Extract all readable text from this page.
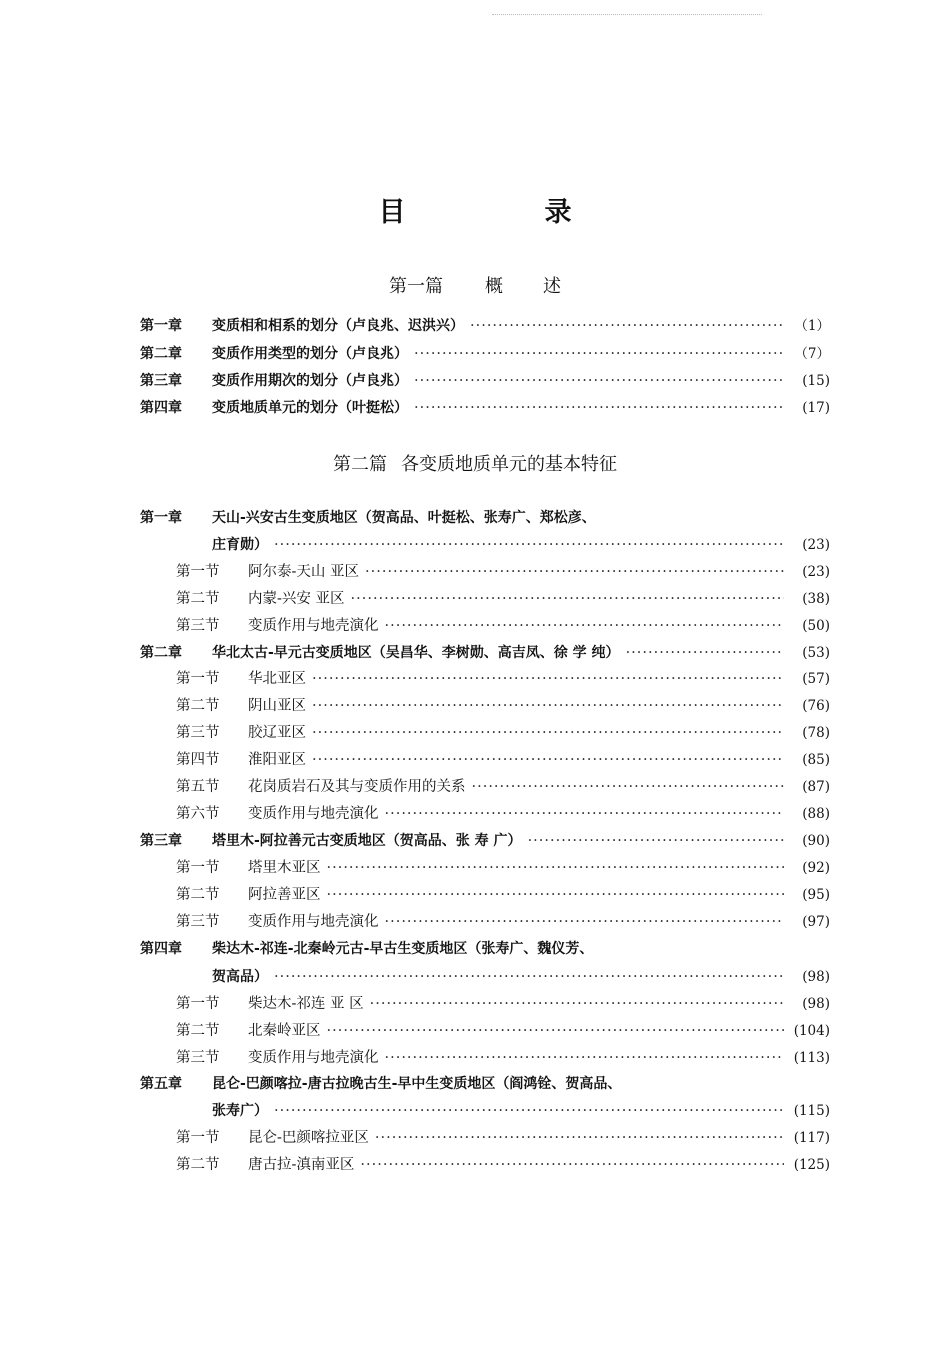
目　录
第一篇 概 述
第二篇 各变质地质单元的基本特征
第一章	变质相和相系的划分（卢良兆、迟洪兴） ·····	（1）
第二章	变质作用类型的划分（卢良兆） ·····	（7）
第三章	变质作用期次的划分（卢良兆） ·····	(15)
第四章	变质地质单元的划分（叶挺松） ·····	(17)
第一章	天山-兴安古生变质地区（贺高品、叶挺松、张寿广、郑松彦、
庄育勋） ·····	(23)
第一节	阿尔泰-天山 亚区 ·····	(23)
第二节	内蒙-兴安 亚区 ·····	(38)
第三节	变质作用与地壳演化 ·····	(50)
第二章	华北太古-早元古变质地区（吴昌华、李树勋、高吉凤、徐 学 纯） ·····	(53)
第一节	华北亚区 ·····	(57)
第二节	阴山亚区 ·····	(76)
第三节	胶辽亚区 ·····	(78)
第四节	淮阳亚区 ·····	(85)
第五节	花岗质岩石及其与变质作用的关系 ·····	(87)
第六节	变质作用与地壳演化 ·····	(88)
第三章	塔里木-阿拉善元古变质地区（贺高品、张 寿 广） ·····	(90)
第一节	塔里木亚区 ·····	(92)
第二节	阿拉善亚区 ·····	(95)
第三节	变质作用与地壳演化 ·····	(97)
第四章	柴达木-祁连-北秦岭元古-早古生变质地区（张寿广、魏仪芳、
贺高品） ·····	(98)
第一节	柴达木-祁连 亚 区 ·····	(98)
第二节	北秦岭亚区 ·····	(104)
第三节	变质作用与地壳演化 ·····	(113)
第五章	昆仑-巴颜喀拉-唐古拉晚古生-早中生变质地区（阎鸿铨、贺高品、
张寿广） ·····	(115)
第一节	昆仑-巴颜喀拉亚区 ·····	(117)
第二节	唐古拉-滇南亚区 ·····	(125)
